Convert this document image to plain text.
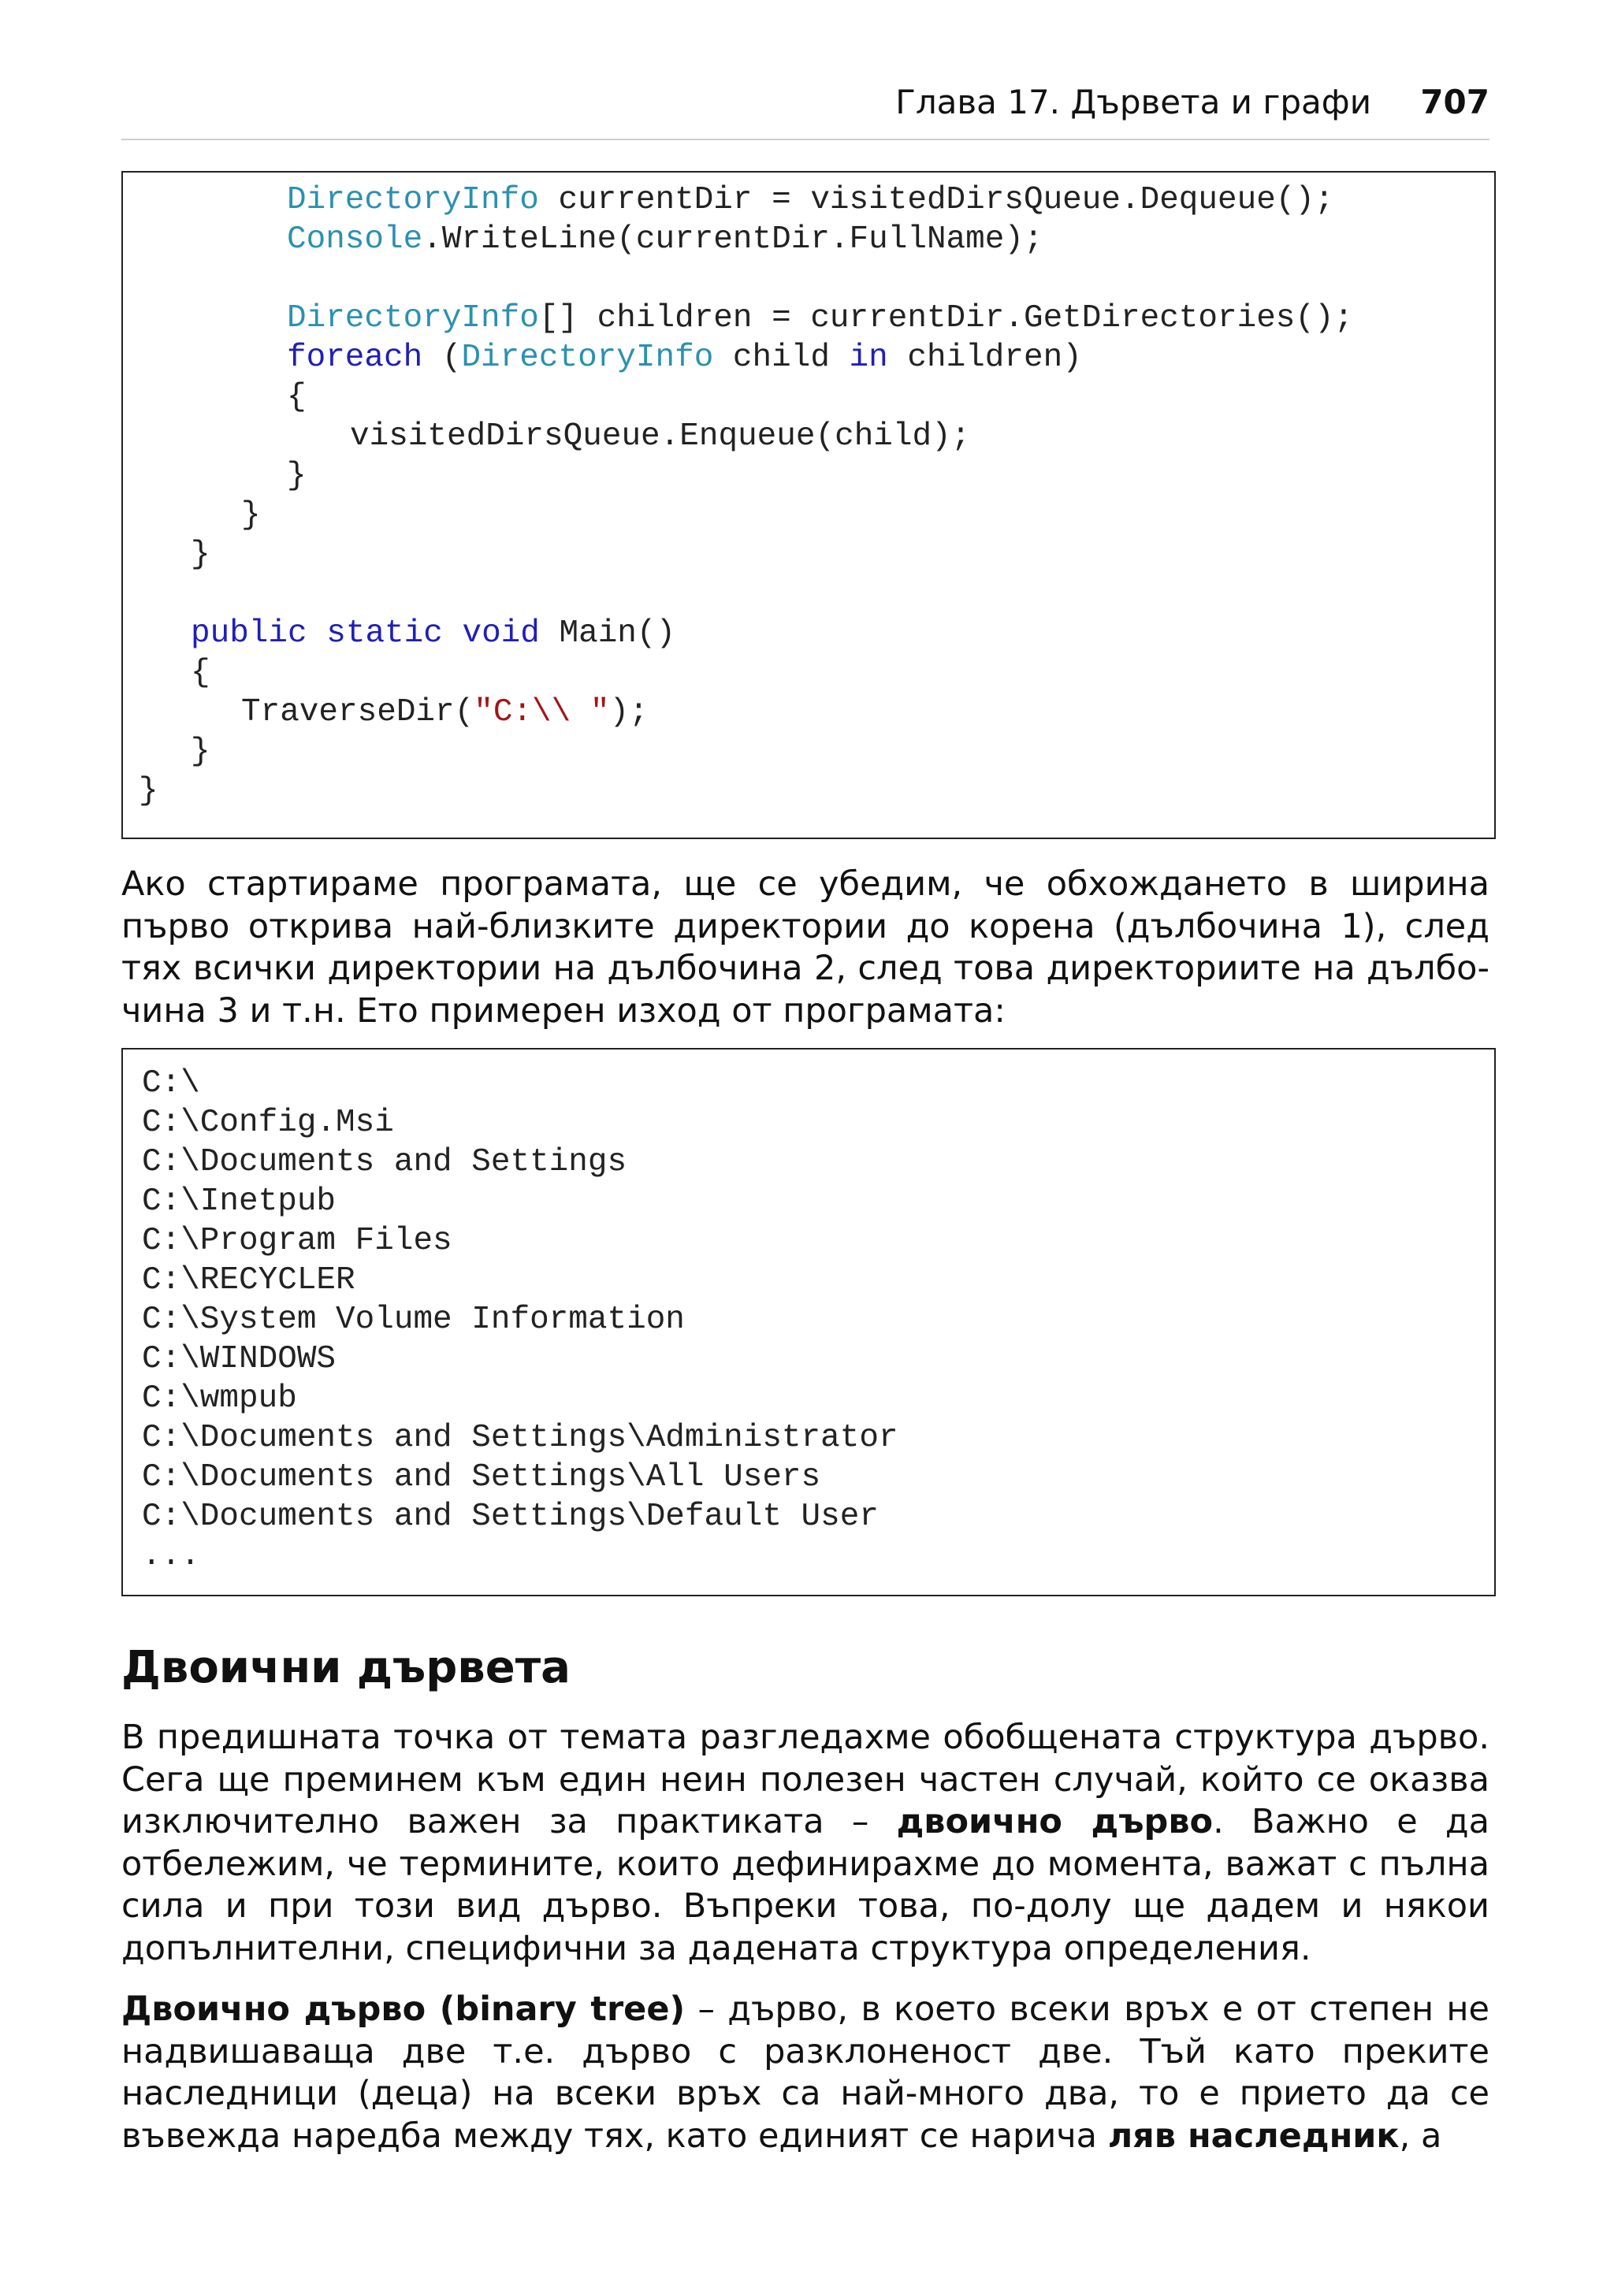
Глава 17. Дървета и графи 707
DirectoryInfo currentDir = visitedDirsQueue.Dequeue();
Console.WriteLine(currentDir.FullName);
DirectoryInfo[] children = currentDir.GetDirectories();
foreach (DirectoryInfo child in children)
{
visitedDirsQueue.Enqueue(child);
}
}
}
public static void Main()
{
TraverseDir("C:\\ ");
}
}

Ако стартираме програмата, ще се убедим, че обхождането в ширина първо открива най-близките директории до корена (дълбочина 1), след тях всички директории на дълбочина 2, след това директориите на дълбо-чина 3 и т.н. Ето примерен изход от програмата:

C:\
C:\Config.Msi
C:\Documents and Settings
C:\Inetpub
C:\Program Files
C:\RECYCLER
C:\System Volume Information
C:\WINDOWS
C:\wmpub
C:\Documents and Settings\Administrator
C:\Documents and Settings\All Users
C:\Documents and Settings\Default User
...
Двоични дървета

В предишната точка от темата разгледахме обобщената структура дърво. Сега ще преминем към един неин полезен частен случай, който се оказва изключително важен за практиката – двоично дърво. Важно е да отбележим, че термините, които дефинирахме до момента, важат с пълна сила и при този вид дърво. Въпреки това, по-долу ще дадем и някои допълнителни, специфични за дадената структура определения.

Двоично дърво (binary tree) – дърво, в което всеки връх е от степен не надвишаваща две т.е. дърво с разклоненост две. Тъй като преките наследници (деца) на всеки връх са най-много два, то е прието да се въвежда наредба между тях, като единият се нарича ляв наследник, а
